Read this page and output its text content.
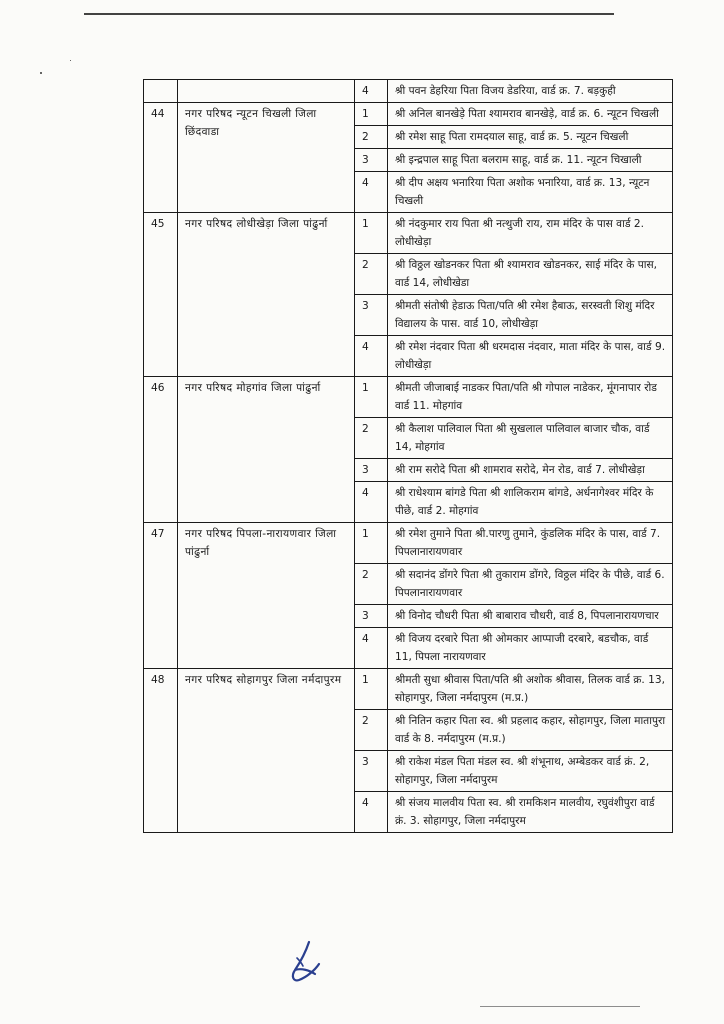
		4	श्री पवन डेहरिया पिता विजय डेडरिया, वार्ड क्र. 7. बड़कुही
44	नगर परिषद न्यूटन चिखली जिला छिंदवाडा	1	श्री अनिल बानखेड़े पिता श्यामराव बानखेड़े, वार्ड क्र. 6. न्यूटन चिखली
		2	श्री रमेश साहू पिता रामदयाल साहू, वार्ड क्र. 5. न्यूटन चिखली
		3	श्री इन्द्रपाल साहू पिता बलराम साहू, वार्ड क्र. 11. न्यूटन चिखाली
		4	श्री दीप अक्षय भनारिया पिता अशोक भनारिया, वार्ड क्र. 13, न्यूटन चिखली
45	नगर परिषद लोधीखेड़ा जिला पांढुर्ना	1	श्री नंदकुमार राय पिता श्री नत्थुजी राय, राम मंदिर के पास वार्ड 2. लोधीखेड़ा
		2	श्री विठ्ठल खोडनकर पिता श्री श्यामराव खोडनकर, साई मंदिर के पास, वार्ड 14, लोधीखेडा
		3	श्रीमती संतोषी हेडाऊ पिता/पति श्री रमेश हैबाऊ, सरस्वती शिशु मंदिर विद्यालय के पास. वार्ड 10, लोधीखेड़ा
		4	श्री रमेश नंदवार पिता श्री धरमदास नंदवार, माता मंदिर के पास, वार्ड 9. लोधीखेड़ा
46	नगर परिषद मोहगांव जिला पांढुर्ना	1	श्रीमती जीजाबाई नाडकर पिता/पति श्री गोपाल नाडेकर, मूंगनापार रोड वार्ड 11. मोहगांव
		2	श्री कैलाश पालिवाल पिता श्री सुखलाल पालिवाल बाजार चौक, वार्ड 14, मोहगांव
		3	श्री राम सरोदे पिता श्री शामराव सरोदे, मेन रोड, वार्ड 7. लोधीखेड़ा
		4	श्री राधेश्याम बांगडे पिता श्री शालिकराम बांगडे, अर्धनागेश्वर मंदिर के पीछे, वार्ड 2. मोहगांव
47	नगर परिषद पिपला-नारायणवार जिला पांढुर्ना	1	श्री रमेश तुमाने पिता श्री.पारणु तुमाने, कुंडलिक मंदिर के पास, वार्ड 7. पिपलानारायणवार
		2	श्री सदानंद डोंगरे पिता श्री तुकाराम डोंगरे, विठ्ठल मंदिर के पीछे, वार्ड 6. पिपलानारायणवार
		3	श्री विनोद चौधरी पिता श्री बाबाराव चौधरी, वार्ड 8, पिपलानारायणचार
		4	श्री विजय दरबारे पिता श्री ओमकार आप्पाजी दरबारे, बडचौक, वार्ड 11, पिपला नारायणवार
48	नगर परिषद सोहागपुर जिला नर्मदापुरम	1	श्रीमती सुधा श्रीवास पिता/पति श्री अशोक श्रीवास, तिलक वार्ड क्र. 13, सोहागपुर, जिला नर्मदापुरम (म.प्र.)
		2	श्री नितिन कहार पिता स्व. श्री प्रहलाद कहार, सोहागपुर, जिला मातापुरा वार्ड के 8. नर्मदापुरम (म.प्र.)
		3	श्री राकेश मंडल पिता मंडल स्व. श्री शंभूनाथ, अम्बेडकर वार्ड क्रं. 2, सोहागपुर, जिला नर्मदापुरम
		4	श्री संजय मालवीय पिता स्व. श्री रामकिशन मालवीय, रघुवंशीपुरा वार्ड क्रं. 3. सोहागपुर, जिला नर्मदापुरम
